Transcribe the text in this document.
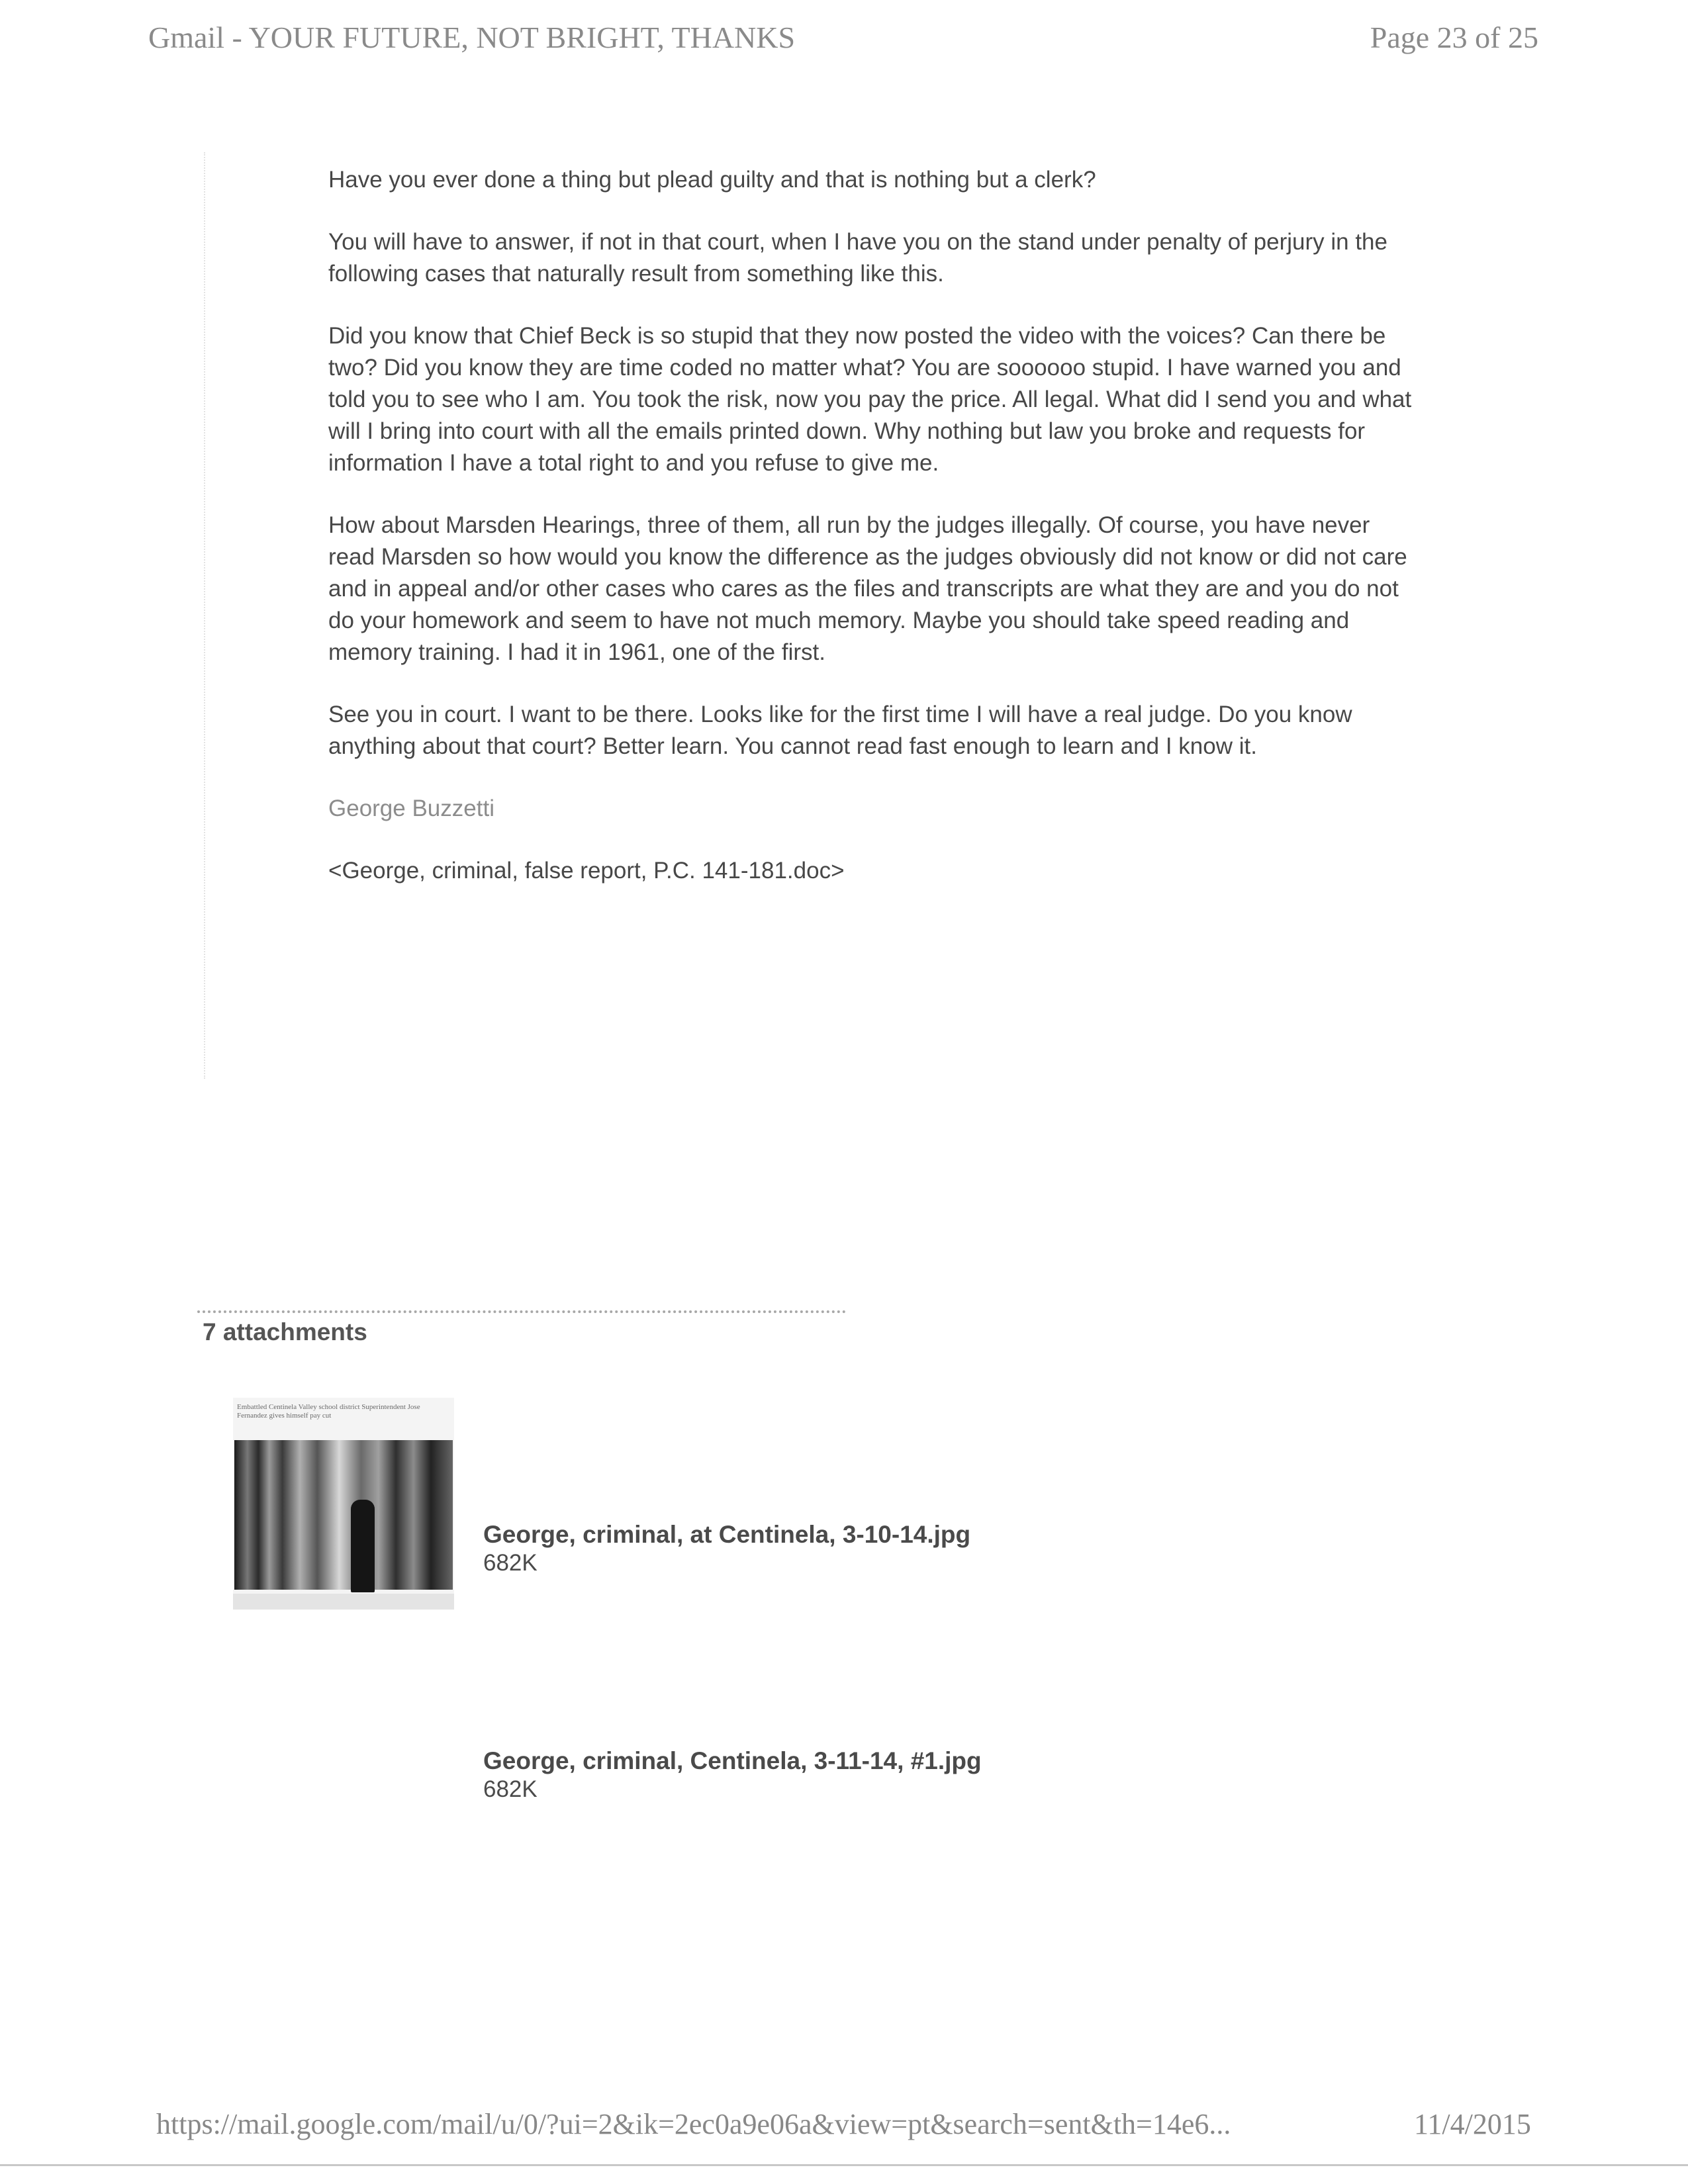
Gmail - YOUR FUTURE, NOT BRIGHT, THANKS	Page 23 of 25

Have you ever done a thing but plead guilty and that is nothing but a clerk?

You will have to answer, if not in that court, when I have you on the stand under penalty of perjury in the following cases that naturally result from something like this.

Did you know that Chief Beck is so stupid that they now posted the video with the voices? Can there be two? Did you know they are time coded no matter what? You are soooooo stupid. I have warned you and told you to see who I am. You took the risk, now you pay the price. All legal. What did I send you and what will I bring into court with all the emails printed down. Why nothing but law you broke and requests for information I have a total right to and you refuse to give me.

How about Marsden Hearings, three of them, all run by the judges illegally. Of course, you have never read Marsden so how would you know the difference as the judges obviously did not know or did not care and in appeal and/or other cases who cares as the files and transcripts are what they are and you do not do your homework and seem to have not much memory. Maybe you should take speed reading and memory training. I had it in 1961, one of the first.

See you in court. I want to be there. Looks like for the first time I will have a real judge. Do you know anything about that court? Better learn. You cannot read fast enough to learn and I know it.

George Buzzetti

<George, criminal, false report, P.C. 141-181.doc>

7 attachments
Embattled Centinela Valley school district Superintendent Jose Fernandez gives himself pay cut
George, criminal, at Centinela, 3-10-14.jpg
682K
George, criminal, Centinela, 3-11-14, #1.jpg
682K
https://mail.google.com/mail/u/0/?ui=2&ik=2ec0a9e06a&view=pt&search=sent&th=14e6...	11/4/2015
